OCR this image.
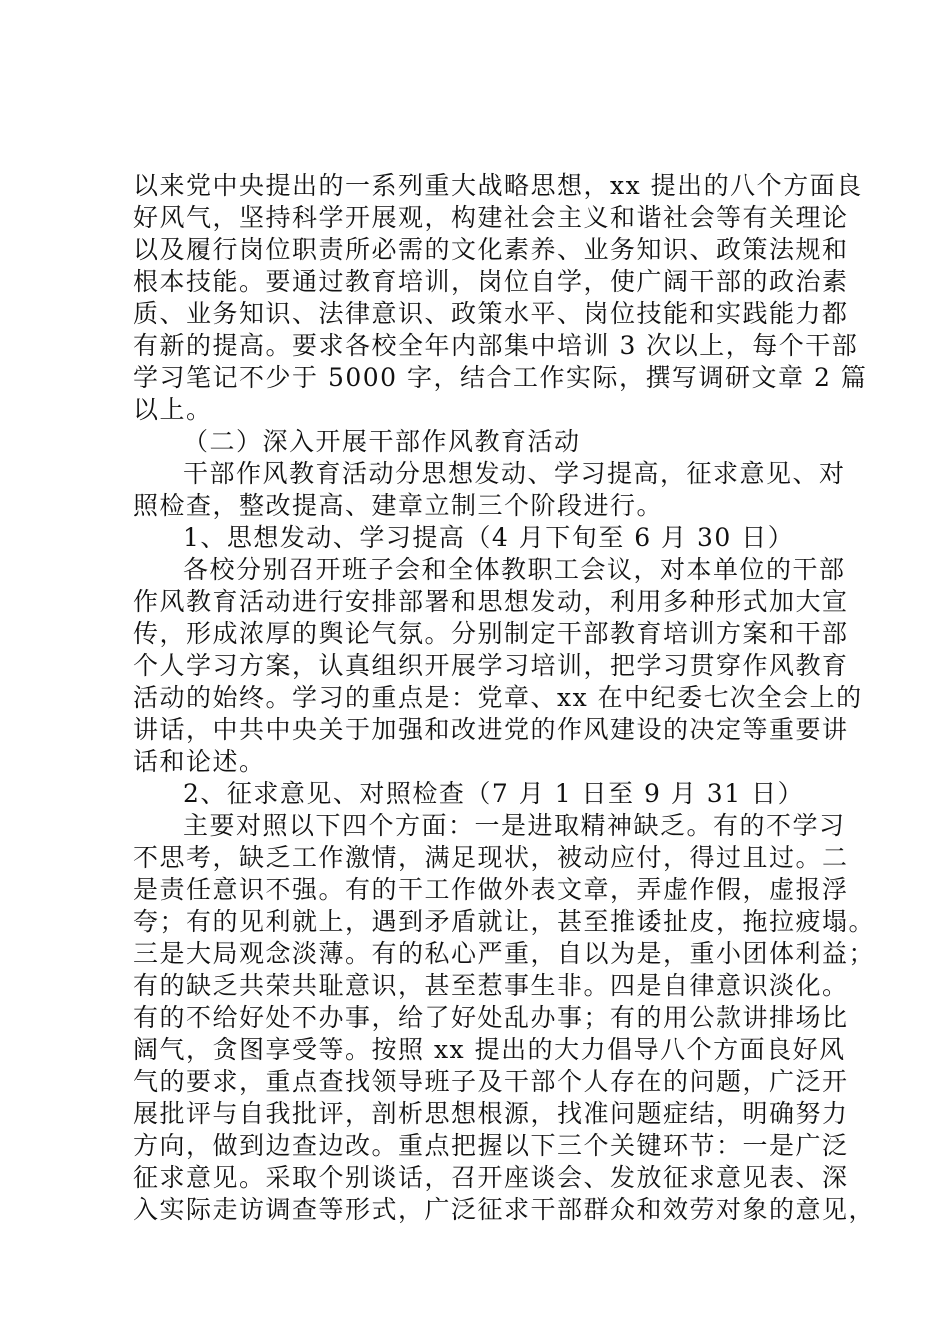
以来党中央提出的一系列重大战略思想，xx 提出的八个方面良
好风气，坚持科学开展观，构建社会主义和谐社会等有关理论
以及履行岗位职责所必需的文化素养、业务知识、政策法规和
根本技能。要通过教育培训，岗位自学，使广阔干部的政治素
质、业务知识、法律意识、政策水平、岗位技能和实践能力都
有新的提高。要求各校全年内部集中培训 3 次以上，每个干部
学习笔记不少于 5000 字，结合工作实际，撰写调研文章 2 篇
以上。
（二）深入开展干部作风教育活动
干部作风教育活动分思想发动、学习提高，征求意见、对
照检查，整改提高、建章立制三个阶段进行。
1、思想发动、学习提高（4 月下旬至 6 月 30 日）
各校分别召开班子会和全体教职工会议，对本单位的干部
作风教育活动进行安排部署和思想发动，利用多种形式加大宣
传，形成浓厚的舆论气氛。分别制定干部教育培训方案和干部
个人学习方案，认真组织开展学习培训，把学习贯穿作风教育
活动的始终。学习的重点是：党章、xx 在中纪委七次全会上的
讲话，中共中央关于加强和改进党的作风建设的决定等重要讲
话和论述。
2、征求意见、对照检查（7 月 1 日至 9 月 31 日）
主要对照以下四个方面：一是进取精神缺乏。有的不学习
不思考，缺乏工作激情，满足现状，被动应付，得过且过。二
是责任意识不强。有的干工作做外表文章，弄虚作假，虚报浮
夸；有的见利就上，遇到矛盾就让，甚至推诿扯皮，拖拉疲塌。
三是大局观念淡薄。有的私心严重，自以为是，重小团体利益；
有的缺乏共荣共耻意识，甚至惹事生非。四是自律意识淡化。
有的不给好处不办事，给了好处乱办事；有的用公款讲排场比
阔气，贪图享受等。按照 xx 提出的大力倡导八个方面良好风
气的要求，重点查找领导班子及干部个人存在的问题，广泛开
展批评与自我批评，剖析思想根源，找准问题症结，明确努力
方向，做到边查边改。重点把握以下三个关键环节：一是广泛
征求意见。采取个别谈话，召开座谈会、发放征求意见表、深
入实际走访调查等形式，广泛征求干部群众和效劳对象的意见，
